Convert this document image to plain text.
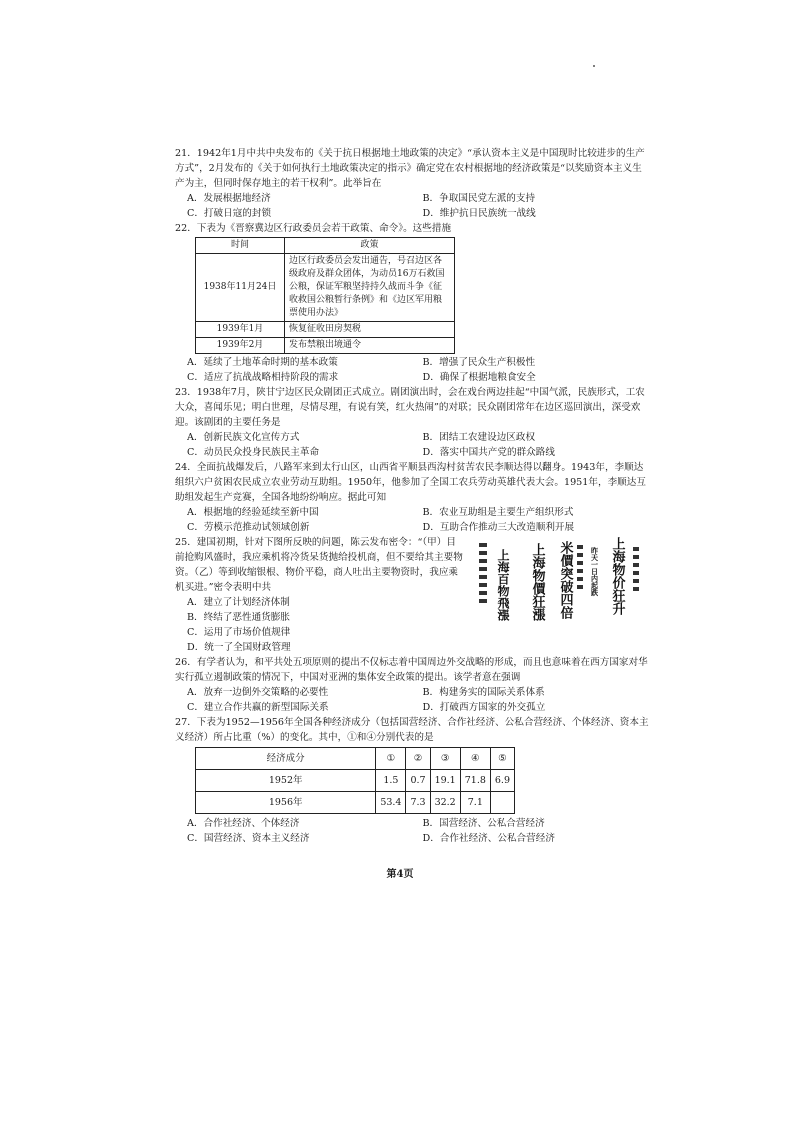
21．1942年1月中共中央发布的《关于抗日根据地土地政策的决定》“承认资本主义是中国现时比较进步的生产方式”，2月发布的《关于如何执行土地政策决定的指示》确定党在农村根据地的经济政策是“以奖励资本主义生产为主，但同时保存地主的若干权利”。此举旨在

A．发展根据地经济	B．争取国民党左派的支持
C．打破日寇的封锁	D．维护抗日民族统一战线

22．下表为《晋察冀边区行政委员会若干政策、命令》。这些措施

时间	政策
1938年11月24日	边区行政委员会发出通告，号召边区各级政府及群众团体，为动员16万石救国公粮，保证军粮坚持持久战而斗争《征收救国公粮暂行条例》和《边区军用粮票使用办法》
1939年1月	恢复征收田房契税
1939年2月	发布禁粮出境通令
A．延续了土地革命时期的基本政策	B．增强了民众生产积极性
C．适应了抗战战略相持阶段的需求	D．确保了根据地粮食安全

23．1938年7月，陕甘宁边区民众剧团正式成立。剧团演出时，会在戏台两边挂起“中国气派，民族形式，工农大众，喜闻乐见；明白世理，尽情尽理，有说有笑，红火热闹”的对联；民众剧团常年在边区巡回演出，深受欢迎。该剧团的主要任务是

A．创新民族文化宣传方式	B．团结工农建设边区政权
C．动员民众投身民族民主革命	D．落实中国共产党的群众路线

24．全面抗战爆发后，八路军来到太行山区，山西省平顺县西沟村贫苦农民李顺达得以翻身。1943年，李顺达组织六户贫困农民成立农业劳动互助组。1950年，他参加了全国工农兵劳动英雄代表大会。1951年，李顺达互助组发起生产竞赛，全国各地纷纷响应。据此可知

A．根据地的经验延续至新中国	B．农业互助组是主要生产组织形式
C．劳模示范推动试领域创新	D．互助合作推动三大改造顺利开展

25．建国初期，针对下图所反映的问题，陈云发布密令：“（甲）目前抢购风盛时，我应乘机将冷货呆货抛给投机商，但不要给其主要物资。（乙）等到收缩银根、物价平稳，商人吐出主要物资时，我应乘机买进。”密令表明中共

A．建立了计划经济体制
B．终结了恶性通货膨胀
C．运用了市场价值规律
D．统一了全国财政管理
上海百物飛漲 上海物價狂漲 米價突破四倍	昨天一日内起跌 上海物价狂升

26．有学者认为，和平共处五项原则的提出不仅标志着中国周边外交战略的形成，而且也意味着在西方国家对华实行孤立遏制政策的情况下，中国对亚洲的集体安全政策的提出。该学者意在强调

A．放弃一边倒外交策略的必要性	B．构建务实的国际关系体系
C．建立合作共赢的新型国际关系	D．打破西方国家的外交孤立

27．下表为1952—1956年全国各种经济成分（包括国营经济、合作社经济、公私合营经济、个体经济、资本主义经济）所占比重（%）的变化。其中，①和④分别代表的是

经济成分	①	②	③	④	⑤
1952年	1.5	0.7	19.1	71.8	6.9
1956年	53.4	7.3	32.2	7.1	
A．合作社经济、个体经济	B．国营经济、公私合营经济
C．国营经济、资本主义经济	D．合作社经济、公私合营经济
第4页
